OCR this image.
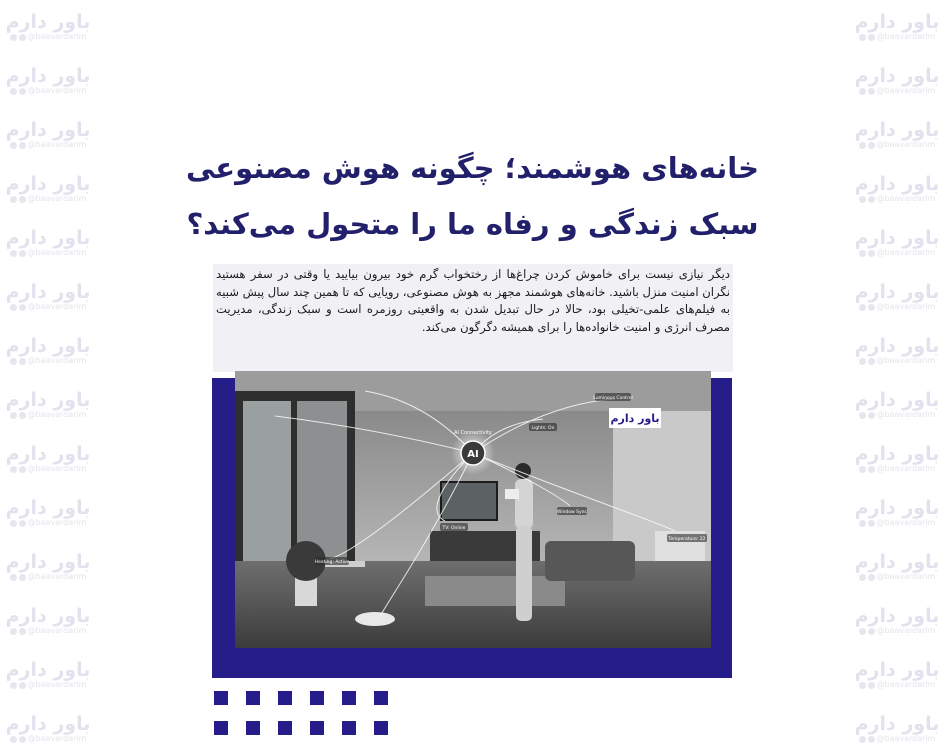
باور دارم
@baavardarim
باور دارم
@baavardarim
باور دارم
@baavardarim
باور دارم
@baavardarim
باور دارم
@baavardarim
باور دارم
@baavardarim
باور دارم
@baavardarim
باور دارم
@baavardarim
باور دارم
@baavardarim
باور دارم
@baavardarim
باور دارم
@baavardarim
باور دارم
@baavardarim
باور دارم
@baavardarim
باور دارم
@baavardarim
باور دارم
@baavardarim
باور دارم
@baavardarim
باور دارم
@baavardarim
باور دارم
@baavardarim
باور دارم
@baavardarim
باور دارم
@baavardarim
باور دارم
@baavardarim
باور دارم
@baavardarim
باور دارم
@baavardarim
باور دارم
@baavardarim
باور دارم
@baavardarim
باور دارم
@baavardarim
باور دارم
@baavardarim
باور دارم
@baavardarim
خانه‌های هوشمند؛ چگونه هوش مصنوعی
سبک زندگی و رفاه ما را متحول می‌کند؟
دیگر نیازی نیست برای خاموش کردن چراغ‌ها از رختخواب گرم خود بیرون بیایید یا وقتی در سفر هستید نگران امنیت منزل باشید. خانه‌های هوشمند مجهز به هوش مصنوعی، رویایی که تا همین چند سال پیش شبیه به فیلم‌های علمی-تخیلی بود، حالا در حال تبدیل شدن به واقعیتی روزمره است و سبک زندگی، مدیریت مصرف انرژی و امنیت خانواده‌ها را برای همیشه دگرگون می‌کند.
AI
AI Connectivity
Luminous Control
Lights: On
TV: Online
Window Sync
Temperature: 22
Heating: Active
باور دارم
